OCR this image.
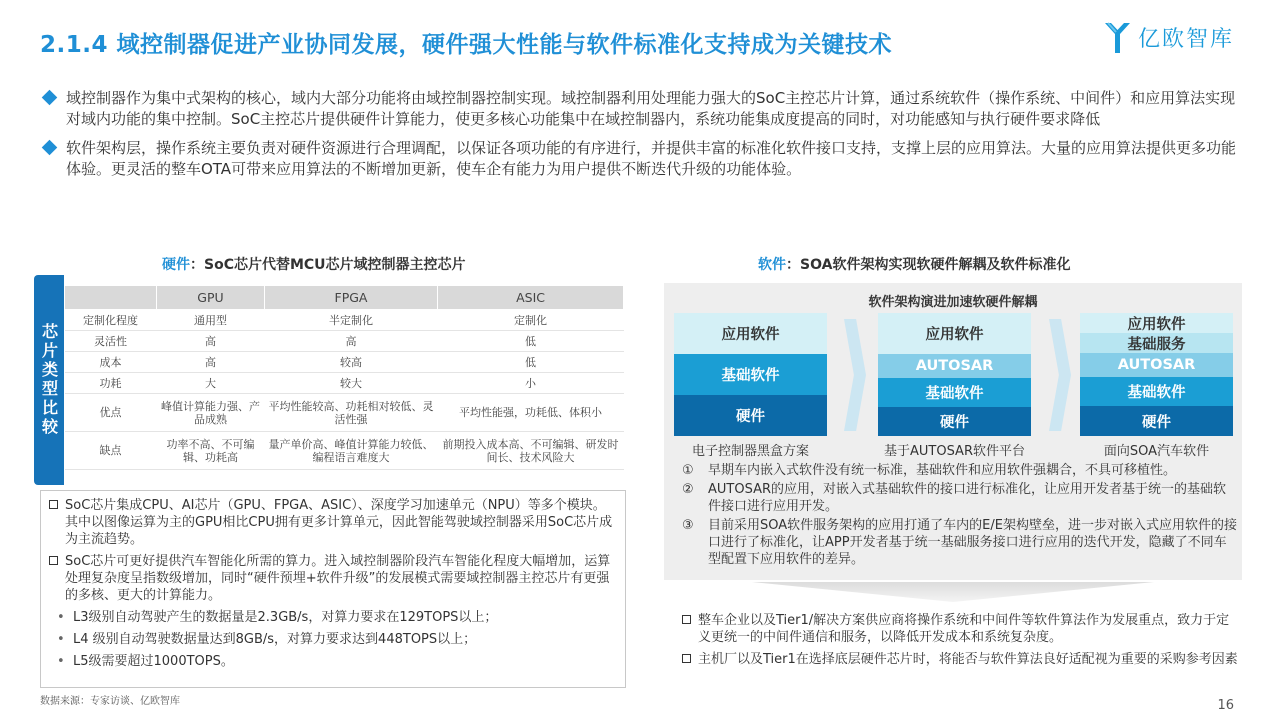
2.1.4 域控制器促进产业协同发展，硬件强大性能与软件标准化支持成为关键技术	亿欧智库
域控制器作为集中式架构的核心，域内大部分功能将由域控制器控制实现。域控制器利用处理能力强大的SoC主控芯片计算，通过系统软件（操作系统、中间件）和应用算法实现对域内功能的集中控制。SoC主控芯片提供硬件计算能力，使更多核心功能集中在域控制器内，系统功能集成度提高的同时，对功能感知与执行硬件要求降低
软件架构层，操作系统主要负责对硬件资源进行合理调配，以保证各项功能的有序进行，并提供丰富的标准化软件接口支持，支撑上层的应用算法。大量的应用算法提供更多功能体验。更灵活的整车OTA可带来应用算法的不断增加更新，使车企有能力为用户提供不断迭代升级的功能体验。
硬件：SoC芯片代替MCU芯片域控制器主控芯片
芯片类型比较
	GPU	FPGA	ASIC
定制化程度	通用型	半定制化	定制化
灵活性	高	高	低
成本	高	较高	低
功耗	大	较大	小
优点	峰值计算能力强、产品成熟	平均性能较高、功耗相对较低、灵活性强	平均性能强，功耗低、体积小
缺点	功率不高、不可编辑、功耗高	量产单价高、峰值计算能力较低、编程语言难度大	前期投入成本高、不可编辑、研发时间长、技术风险大
SoC芯片集成CPU、AI芯片（GPU、FPGA、ASIC）、深度学习加速单元（NPU）等多个模块。其中以图像运算为主的GPU相比CPU拥有更多计算单元，因此智能驾驶域控制器采用SoC芯片成为主流趋势。
SoC芯片可更好提供汽车智能化所需的算力。进入域控制器阶段汽车智能化程度大幅增加，运算处理复杂度呈指数级增加，同时“硬件预埋+软件升级”的发展模式需要域控制器主控芯片有更强的多核、更大的计算能力。
• L3级别自动驾驶产生的数据量是2.3GB/s，对算力要求在129TOPS以上；
• L4 级别自动驾驶数据量达到8GB/s，对算力要求达到448TOPS以上；
• L5级需要超过1000TOPS。
软件：SOA软件架构实现软硬件解耦及软件标准化
软件架构演进加速软硬件解耦
应用软件
基础软件
硬件
电子控制器黑盒方案
应用软件
AUTOSAR
基础软件
硬件
基于AUTOSAR软件平台
应用软件
基础服务
AUTOSAR
基础软件
硬件
面向SOA汽车软件
① 早期车内嵌入式软件没有统一标准，基础软件和应用软件强耦合，不具可移植性。
② AUTOSAR的应用，对嵌入式基础软件的接口进行标准化，让应用开发者基于统一的基础软件接口进行应用开发。
③ 目前采用SOA软件服务架构的应用打通了车内的E/E架构壁垒，进一步对嵌入式应用软件的接口进行了标准化，让APP开发者基于统一基础服务接口进行应用的迭代开发，隐藏了不同车型配置下应用软件的差异。
整车企业以及Tier1/解决方案供应商将操作系统和中间件等软件算法作为发展重点，致力于定义更统一的中间件通信和服务，以降低开发成本和系统复杂度。
主机厂以及Tier1在选择底层硬件芯片时，将能否与软件算法良好适配视为重要的采购参考因素
数据来源：专家访谈、亿欧智库	16
